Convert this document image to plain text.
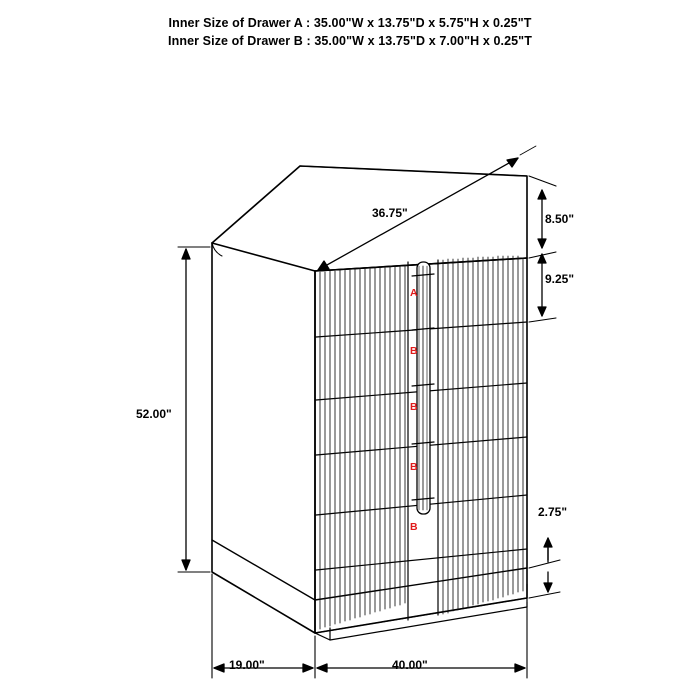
Inner Size of Drawer A : 35.00"W x 13.75"D x 5.75"H x 0.25"T
Inner Size of Drawer B : 35.00"W x 13.75"D x 7.00"H x 0.25"T
36.75"	8.50"
9.25"
2.75"
52.00"
19.00"	40.00"
A
B
B
B
B
